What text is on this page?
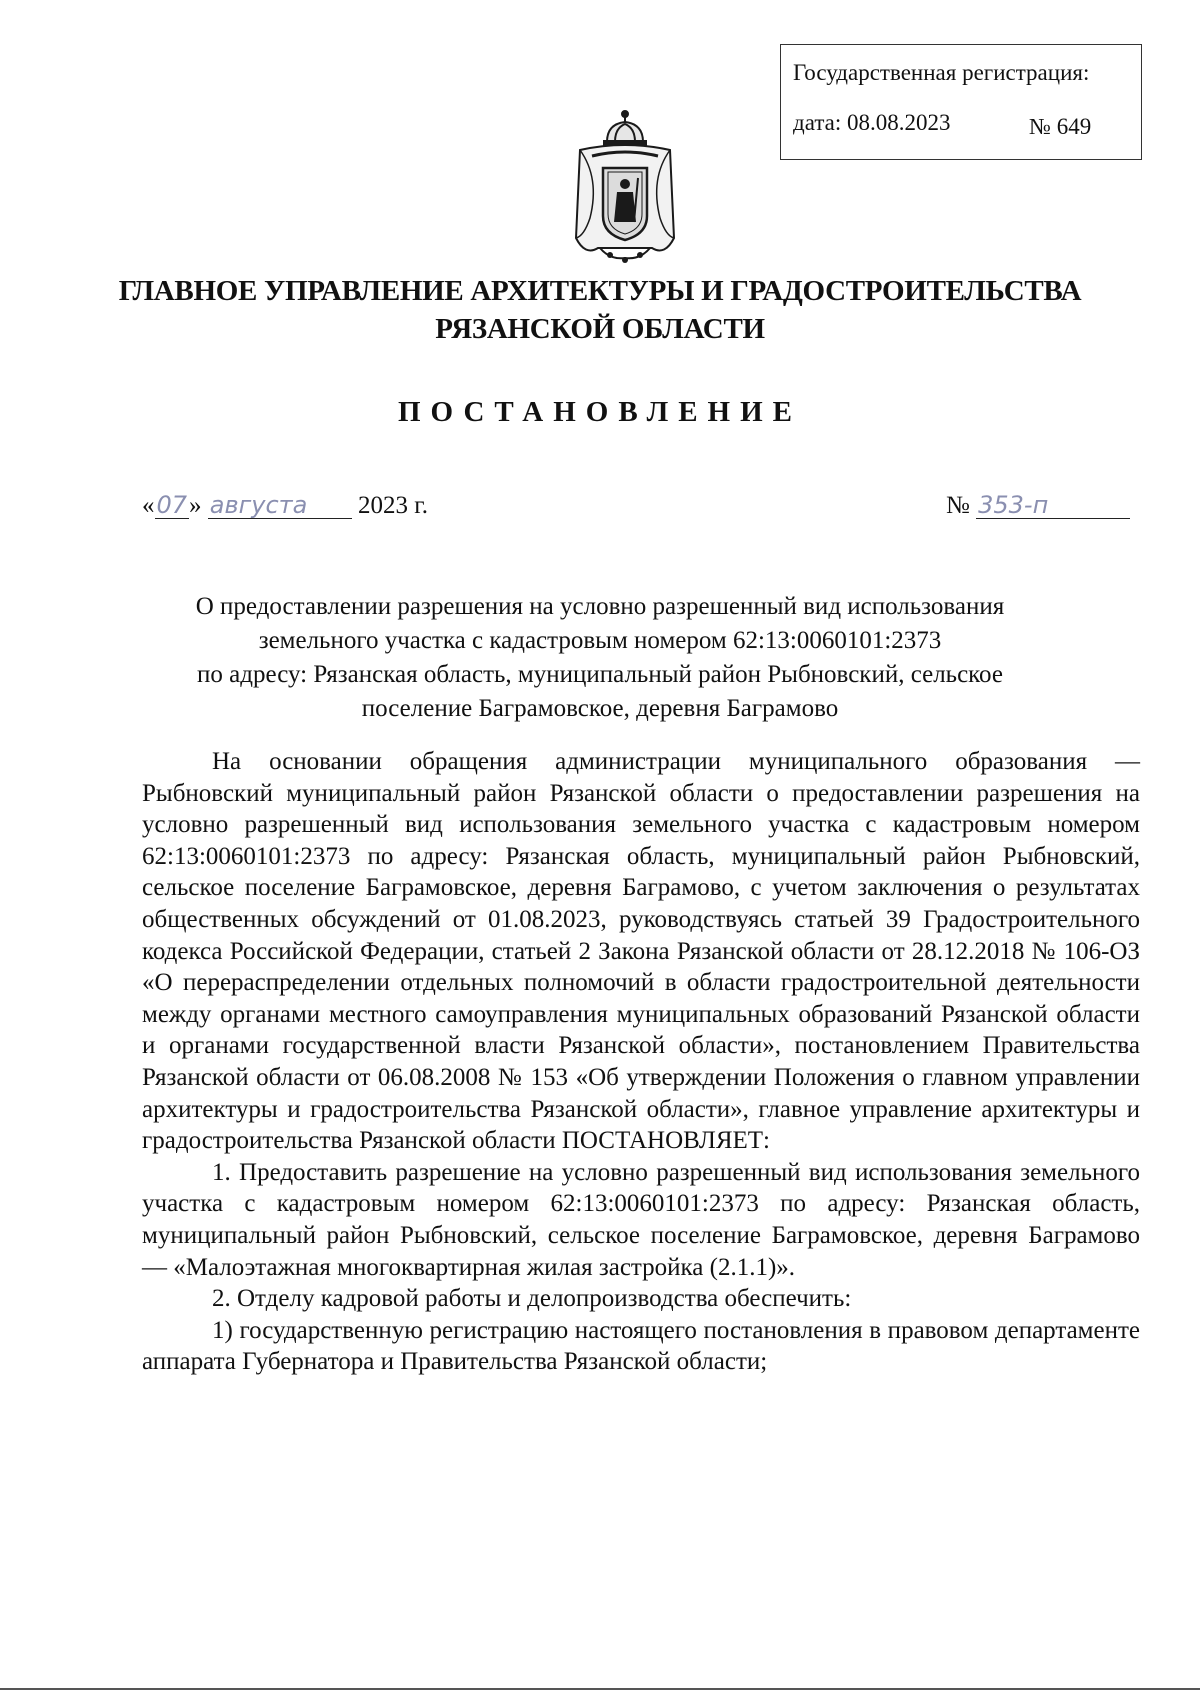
Государственная регистрация:
дата: 08.08.2023	№ 649
ГЛАВНОЕ УПРАВЛЕНИЕ АРХИТЕКТУРЫ И ГРАДОСТРОИТЕЛЬСТВА
РЯЗАНСКОЙ ОБЛАСТИ
ПОСТАНОВЛЕНИЕ
«07» августа 2023 г.	№ 353-п
О предоставлении разрешения на условно разрешенный вид использования
земельного участка с кадастровым номером 62:13:0060101:2373
по адресу: Рязанская область, муниципальный район Рыбновский, сельское
поселение Баграмовское, деревня Баграмово

На основании обращения администрации муниципального образования — Рыбновский муниципальный район Рязанской области о предоставлении разрешения на условно разрешенный вид использования земельного участка с кадастровым номером 62:13:0060101:2373 по адресу: Рязанская область, муниципальный район Рыбновский, сельское поселение Баграмовское, деревня Баграмово, с учетом заключения о результатах общественных обсуждений от 01.08.2023, руководствуясь статьей 39 Градостроительного кодекса Российской Федерации, статьей 2 Закона Рязанской области от 28.12.2018 № 106-ОЗ «О перераспределении отдельных полномочий в области градостроительной деятельности между органами местного самоуправления муниципальных образований Рязанской области и органами государственной власти Рязанской области», постановлением Правительства Рязанской области от 06.08.2008 № 153 «Об утверждении Положения о главном управлении архитектуры и градостроительства Рязанской области», главное управление архитектуры и градостроительства Рязанской области ПОСТАНОВЛЯЕТ:

1. Предоставить разрешение на условно разрешенный вид использования земельного участка с кадастровым номером 62:13:0060101:2373 по адресу: Рязанская область, муниципальный район Рыбновский, сельское поселение Баграмовское, деревня Баграмово — «Малоэтажная многоквартирная жилая застройка (2.1.1)».

2. Отделу кадровой работы и делопроизводства обеспечить:

1) государственную регистрацию настоящего постановления в правовом департаменте аппарата Губернатора и Правительства Рязанской области;
